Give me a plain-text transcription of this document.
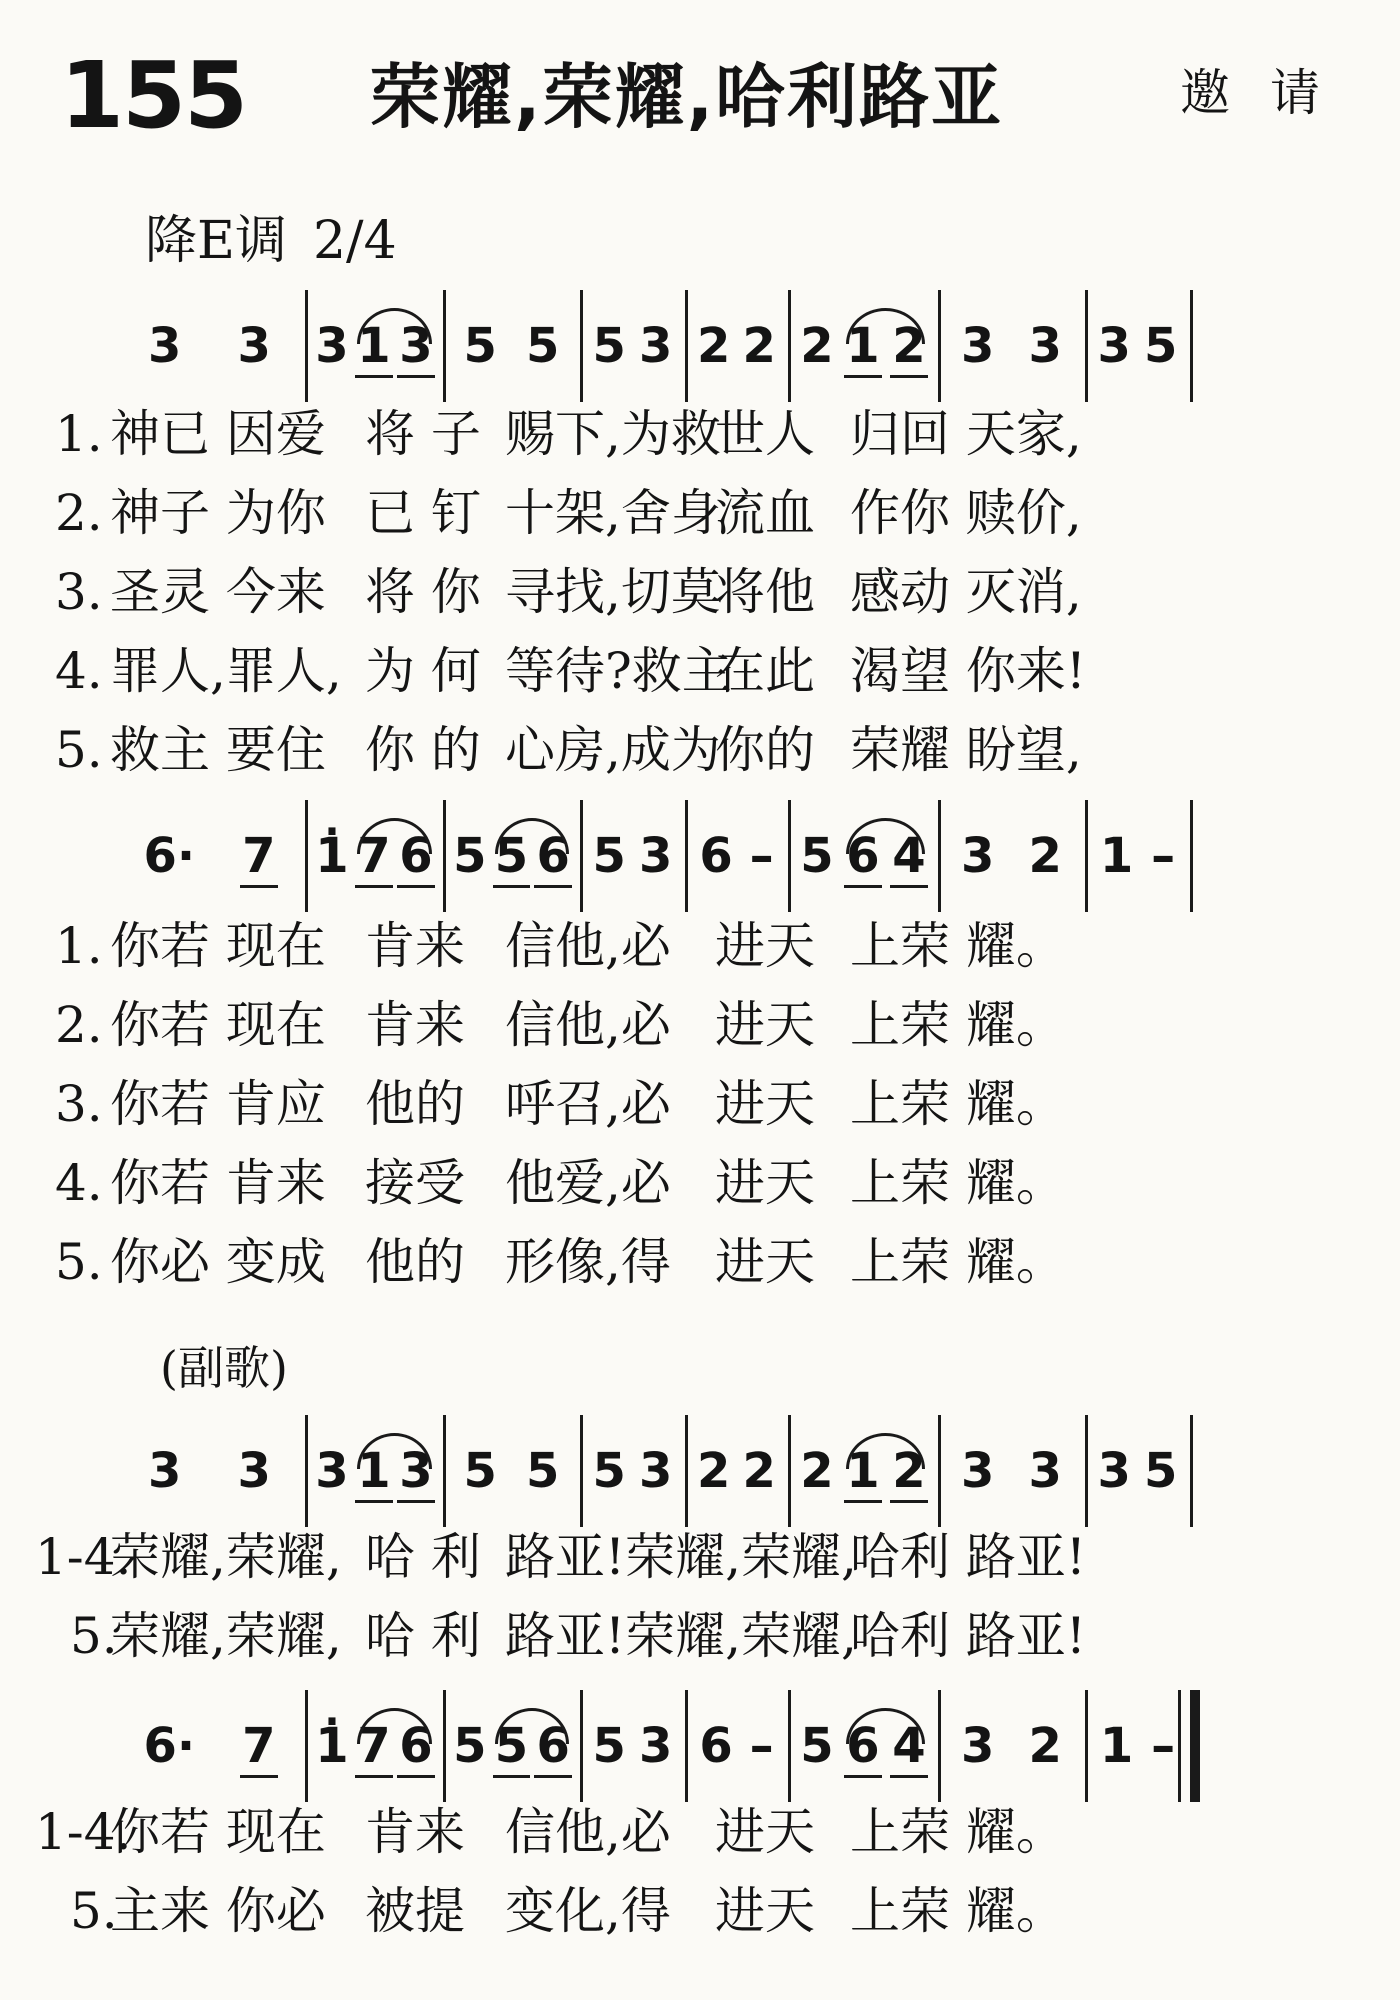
155 荣耀,荣耀,哈利路亚	邀请
降E调 2/4
(副歌)
3 3 3 1 3 5 5 5 3 2 2 2 1 2 3 3 3 5
6· 7 · 1 7 6 5 5 6 5 3 6 – 5 6 4 3 2 1 –
3 3 3 1 3 5 5 5 3 2 2 2 1 2 3 3 3 5
6· 7 · 1 7 6 5 5 6 5 3 6 – 5 6 4 3 2 1 –
1. 神已 因爱 将 子 赐下,为救
世人 归回 天家,
2. 神子 为你 已 钉 十架,舍身
流血 作你 赎价,
3. 圣灵 今来 将 你 寻找,切莫
将他 感动 灭消,
4. 罪人,罪人, 为 何 等待?救主
在此 渴望 你来!
5. 救主 要住 你 的 心房,成为
你的 荣耀 盼望,
1. 你若 现在 肯来 信他,必 进天 上荣 耀。
2. 你若 现在 肯来 信他,必 进天 上荣 耀。
3. 你若 肯应 他的 呼召,必 进天 上荣 耀。
4. 你若 肯来 接受 他爱,必 进天 上荣 耀。
5. 你必 变成 他的 形像,得 进天 上荣 耀。
1-4.
荣耀,荣耀, 哈 利 路亚!荣耀,荣耀,
哈利 路亚!
5.
荣耀,荣耀, 哈 利 路亚!荣耀,荣耀,
哈利 路亚!
1-4.
你若 现在 肯来 信他,必 进天 上荣 耀。
5.
主来 你必 被提 变化,得 进天 上荣 耀。
